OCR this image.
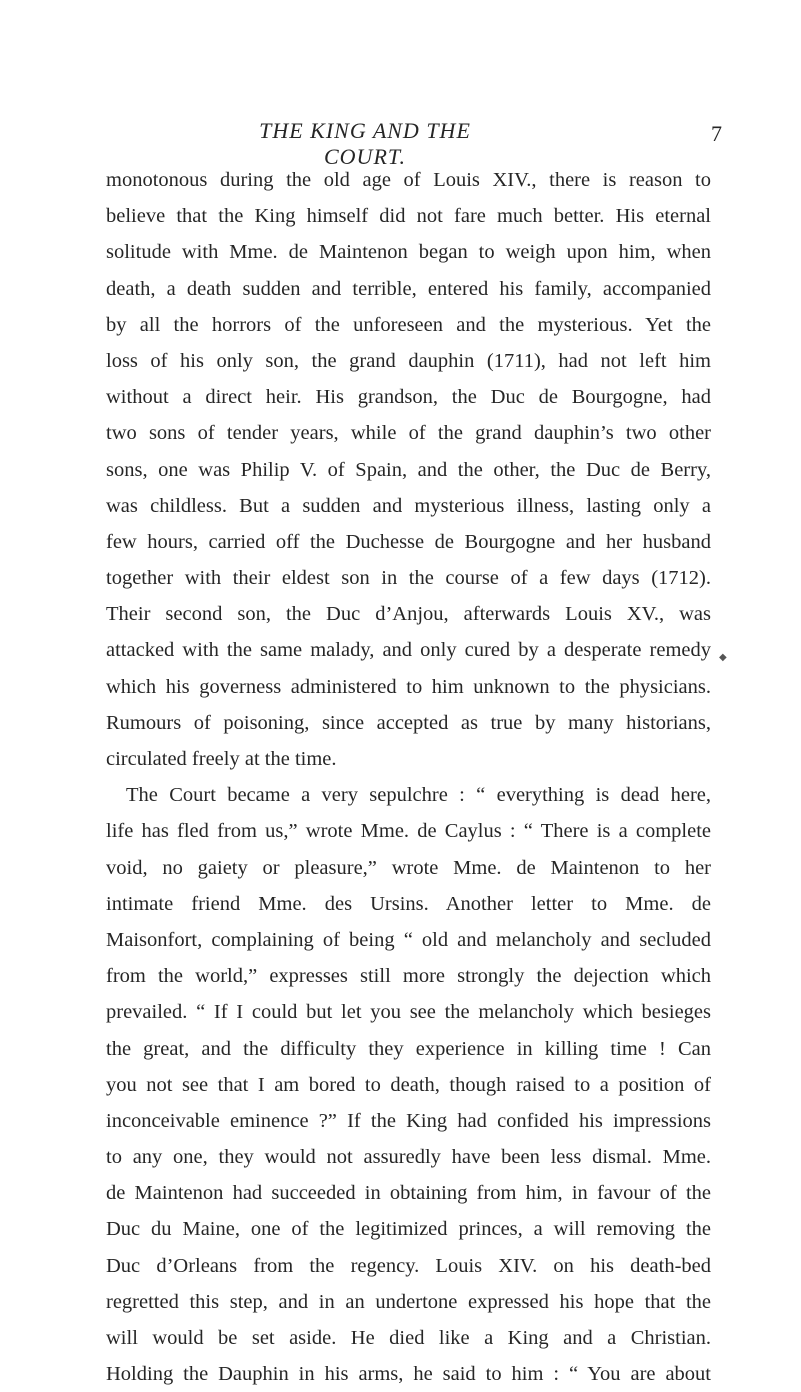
THE KING AND THE COURT.
7
monotonous during the old age of Louis XIV., there is reason to
believe that the King himself did not fare much better. His eternal
solitude with Mme. de Maintenon began to weigh upon him, when
death, a death sudden and terrible, entered his family, accompanied
by all the horrors of the unforeseen and the mysterious. Yet the
loss of his only son, the grand dauphin (1711), had not left him
without a direct heir. His grandson, the Duc de Bourgogne, had
two sons of tender years, while of the grand dauphin’s two other
sons, one was Philip V. of Spain, and the other, the Duc de Berry,
was childless. But a sudden and mysterious illness, lasting only a
few hours, carried off the Duchesse de Bourgogne and her husband
together with their eldest son in the course of a few days (1712).
Their second son, the Duc d’Anjou, afterwards Louis XV., was
attacked with the same malady, and only cured by a desperate remedy
which his governess administered to him unknown to the physicians.
Rumours of poisoning, since accepted as true by many historians,
circulated freely at the time.
The Court became a very sepulchre : “ everything is dead here,
life has fled from us,” wrote Mme. de Caylus : “ There is a complete
void, no gaiety or pleasure,” wrote Mme. de Maintenon to her
intimate friend Mme. des Ursins. Another letter to Mme. de
Maisonfort, complaining of being “ old and melancholy and secluded
from the world,” expresses still more strongly the dejection which
prevailed. “ If I could but let you see the melancholy which besieges
the great, and the difficulty they experience in killing time ! Can
you not see that I am bored to death, though raised to a position of
inconceivable eminence ?” If the King had confided his impressions
to any one, they would not assuredly have been less dismal. Mme.
de Maintenon had succeeded in obtaining from him, in favour of the
Duc du Maine, one of the legitimized princes, a will removing the
Duc d’Orleans from the regency. Louis XIV. on his death-bed
regretted this step, and in an undertone expressed his hope that the
will would be set aside. He died like a King and a Christian.
Holding the Dauphin in his arms, he said to him : “ You are about
◆
